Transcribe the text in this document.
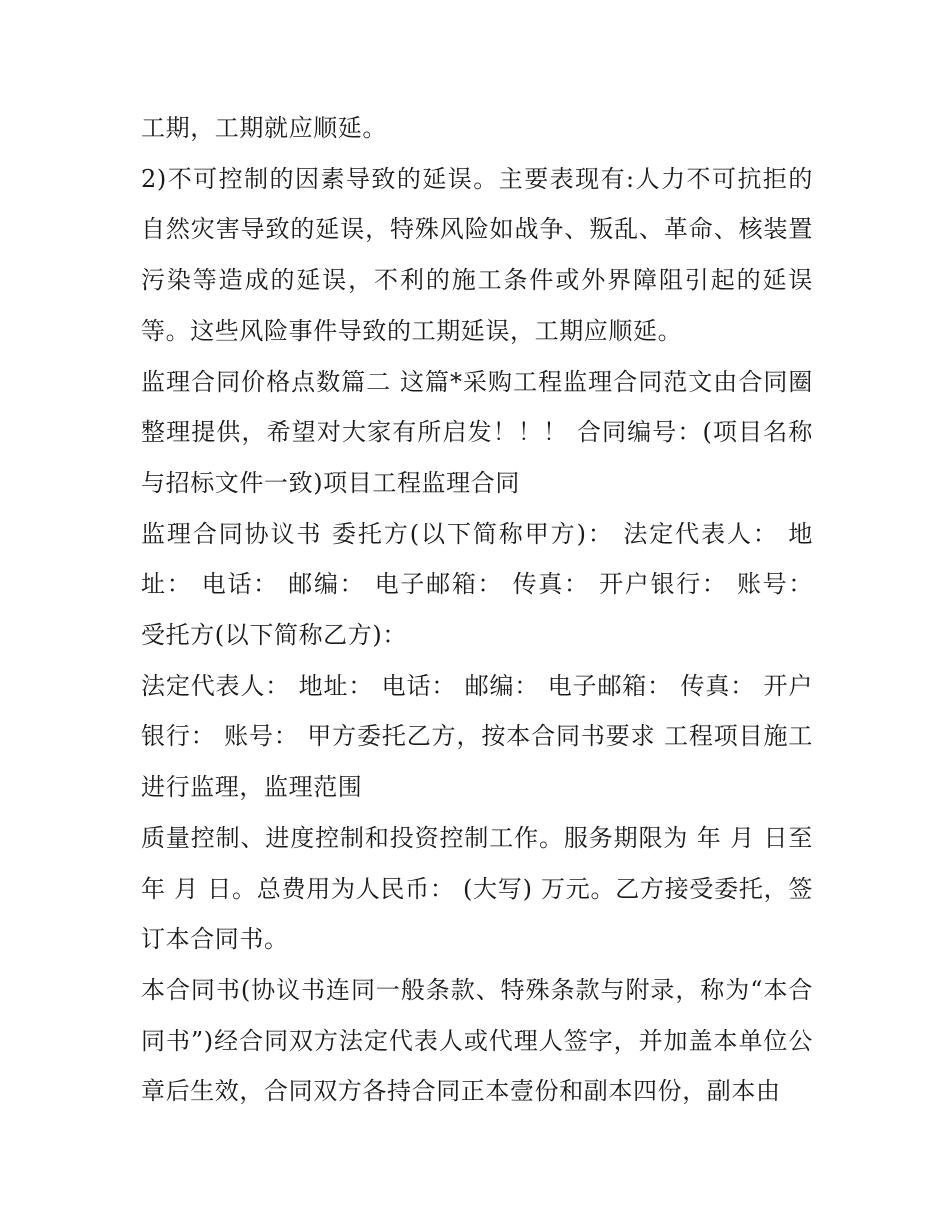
工期，工期就应顺延。

2)不可控制的因素导致的延误。主要表现有:人力不可抗拒的自然灾害导致的延误，特殊风险如战争、叛乱、革命、核装置污染等造成的延误，不利的施工条件或外界障阻引起的延误等。这些风险事件导致的工期延误，工期应顺延。

监理合同价格点数篇二 这篇*采购工程监理合同范文由合同圈整理提供，希望对大家有所启发！！！ 合同编号：(项目名称与招标文件一致)项目工程监理合同

监理合同协议书 委托方(以下简称甲方)： 法定代表人： 地址： 电话： 邮编： 电子邮箱： 传真： 开户银行： 账号： 受托方(以下简称乙方)：

法定代表人： 地址： 电话： 邮编： 电子邮箱： 传真： 开户银行： 账号： 甲方委托乙方，按本合同书要求 工程项目施工进行监理，监理范围

质量控制、进度控制和投资控制工作。服务期限为 年 月 日至 年 月 日。总费用为人民币： (大写) 万元。乙方接受委托，签订本合同书。

本合同书(协议书连同一般条款、特殊条款与附录，称为“本合同书”)经合同双方法定代表人或代理人签字，并加盖本单位公章后生效，合同双方各持合同正本壹份和副本四份，副本由
